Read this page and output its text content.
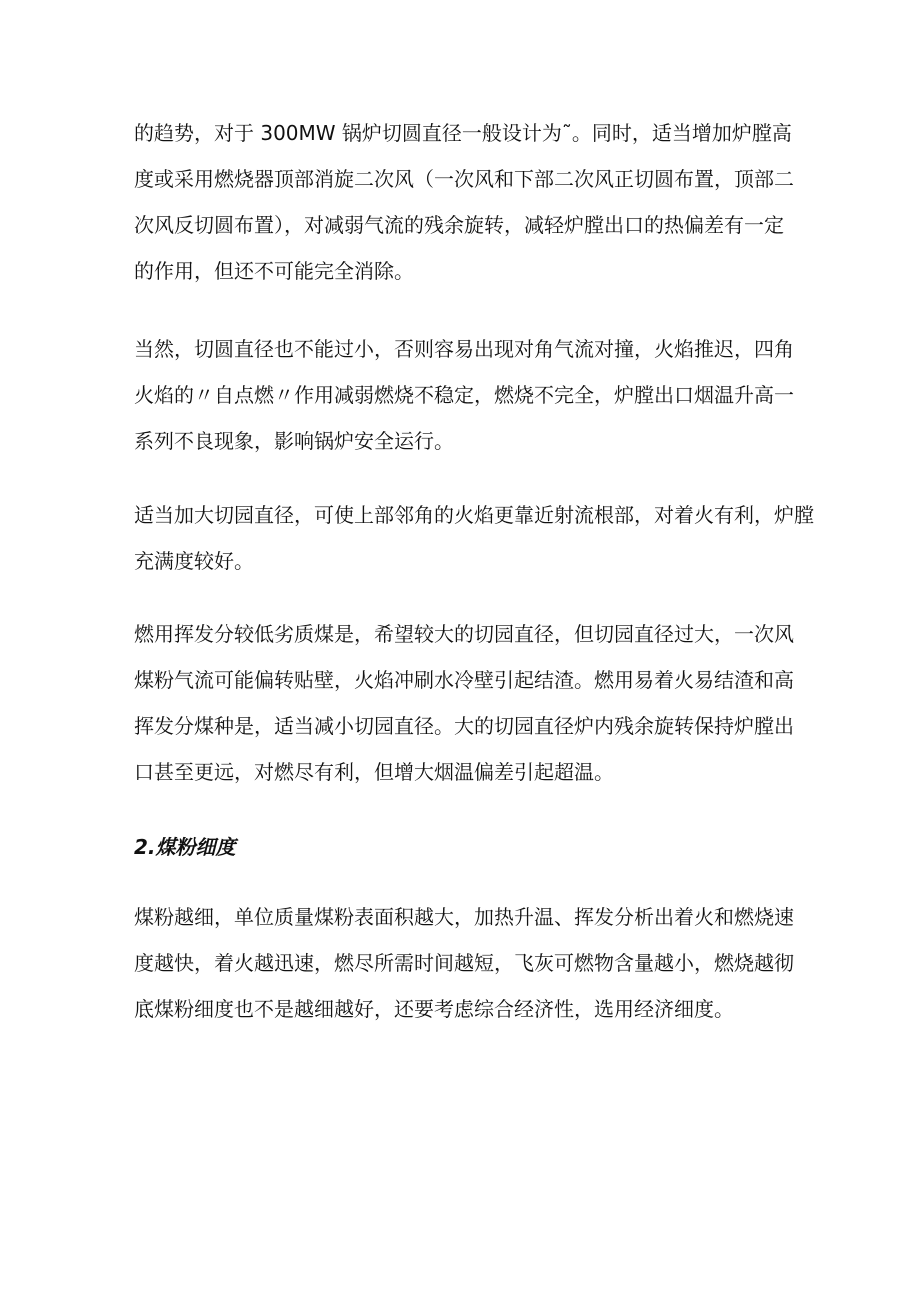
的趋势，对于 300MW 锅炉切圆直径一般设计为˜。同时，适当增加炉膛高
度或采用燃烧器顶部消旋二次风（一次风和下部二次风正切圆布置，顶部二
次风反切圆布置），对减弱气流的残余旋转，减轻炉膛出口的热偏差有一定
的作用，但还不可能完全消除。
当然，切圆直径也不能过小，否则容易出现对角气流对撞，火焰推迟，四角
火焰的〃自点燃〃作用减弱燃烧不稳定，燃烧不完全，炉膛出口烟温升高一
系列不良现象，影响锅炉安全运行。
适当加大切园直径，可使上部邻角的火焰更靠近射流根部，对着火有利，炉膛
充满度较好。
燃用挥发分较低劣质煤是，希望较大的切园直径，但切园直径过大，一次风
煤粉气流可能偏转贴壁，火焰冲刷水冷壁引起结渣。燃用易着火易结渣和高
挥发分煤种是，适当减小切园直径。大的切园直径炉内残余旋转保持炉膛出
口甚至更远，对燃尽有利，但增大烟温偏差引起超温。
2.煤粉细度
煤粉越细，单位质量煤粉表面积越大，加热升温、挥发分析出着火和燃烧速
度越快，着火越迅速，燃尽所需时间越短，飞灰可燃物含量越小，燃烧越彻
底煤粉细度也不是越细越好，还要考虑综合经济性，选用经济细度。
